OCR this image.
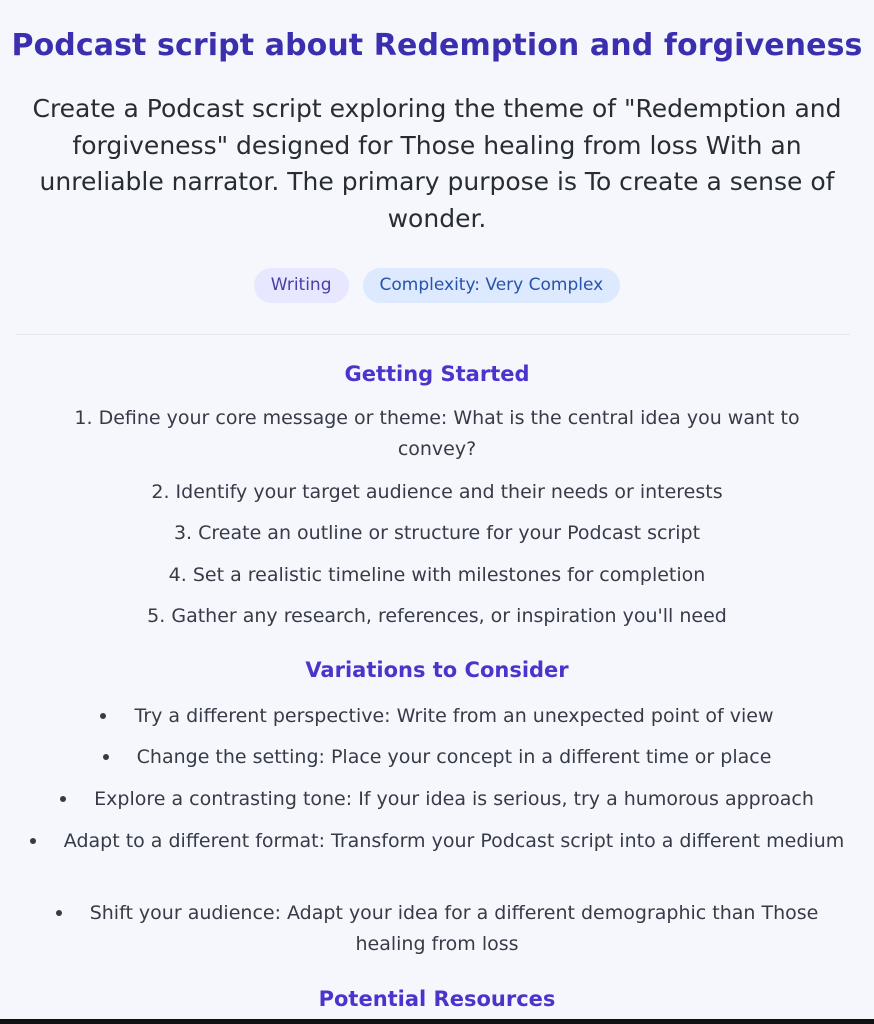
Podcast script about Redemption and forgiveness
Create a Podcast script exploring the theme of "Redemption and forgiveness" designed for Those healing from loss With an unreliable narrator. The primary purpose is To create a sense of wonder.
Writing	Complexity: Very Complex
Getting Started
1. Define your core message or theme: What is the central idea you want to convey?
2. Identify your target audience and their needs or interests
3. Create an outline or structure for your Podcast script
4. Set a realistic timeline with milestones for completion
5. Gather any research, references, or inspiration you'll need
Variations to Consider
Try a different perspective: Write from an unexpected point of view
Change the setting: Place your concept in a different time or place
Explore a contrasting tone: If your idea is serious, try a humorous approach
Adapt to a different format: Transform your Podcast script into a different medium
Shift your audience: Adapt your idea for a different demographic than Those healing from loss
Potential Resources
